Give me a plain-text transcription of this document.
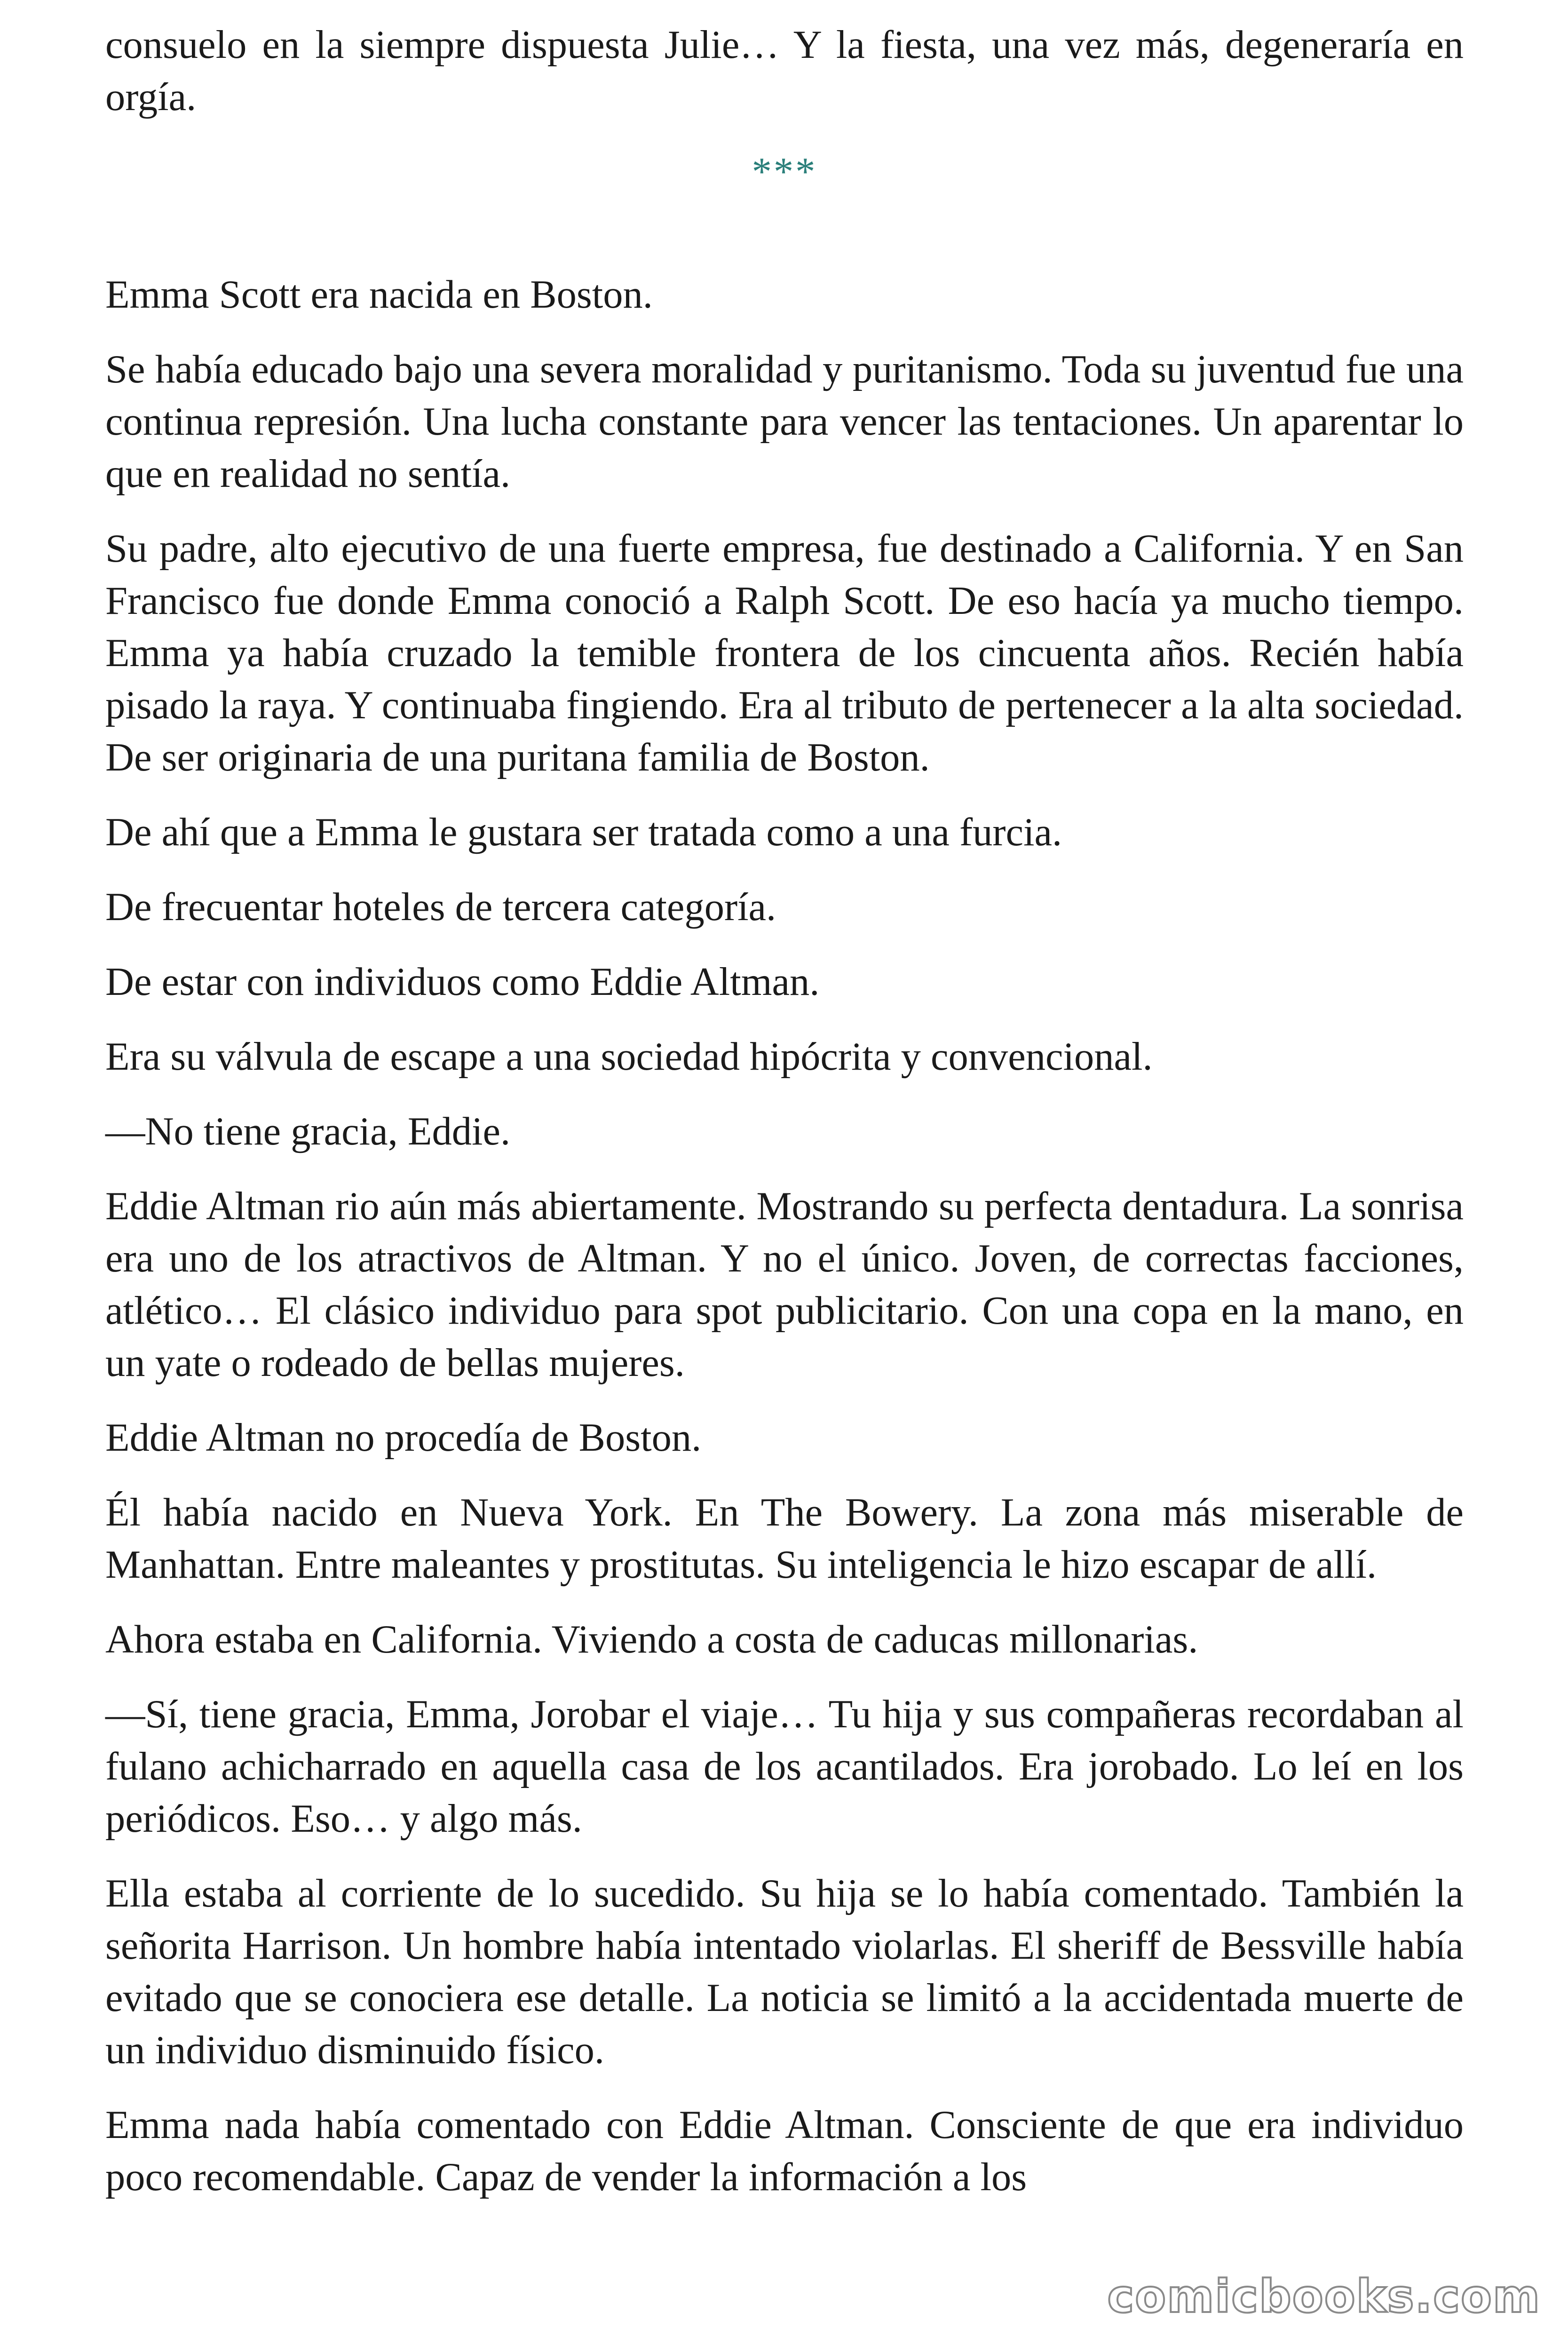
consuelo en la siempre dispuesta Julie… Y la fiesta, una vez más, degeneraría en orgía.

***

Emma Scott era nacida en Boston.

Se había educado bajo una severa moralidad y puritanismo. Toda su juventud fue una continua represión. Una lucha constante para vencer las tentaciones. Un aparentar lo que en realidad no sentía.

Su padre, alto ejecutivo de una fuerte empresa, fue destinado a California. Y en San Francisco fue donde Emma conoció a Ralph Scott. De eso hacía ya mucho tiempo. Emma ya había cruzado la temible frontera de los cincuenta años. Recién había pisado la raya. Y continuaba fingiendo. Era al tributo de pertenecer a la alta sociedad. De ser originaria de una puritana familia de Boston.

De ahí que a Emma le gustara ser tratada como a una furcia.

De frecuentar hoteles de tercera categoría.

De estar con individuos como Eddie Altman.

Era su válvula de escape a una sociedad hipócrita y convencional.

—No tiene gracia, Eddie.

Eddie Altman rio aún más abiertamente. Mostrando su perfecta dentadura. La sonrisa era uno de los atractivos de Altman. Y no el único. Joven, de correctas facciones, atlético… El clásico individuo para spot publicitario. Con una copa en la mano, en un yate o rodeado de bellas mujeres.

Eddie Altman no procedía de Boston.

Él había nacido en Nueva York. En The Bowery. La zona más miserable de Manhattan. Entre maleantes y prostitutas. Su inteligencia le hizo escapar de allí.

Ahora estaba en California. Viviendo a costa de caducas millonarias.

—Sí, tiene gracia, Emma, Jorobar el viaje… Tu hija y sus compañeras recordaban al fulano achicharrado en aquella casa de los acantilados. Era jorobado. Lo leí en los periódicos. Eso… y algo más.

Ella estaba al corriente de lo sucedido. Su hija se lo había comentado. También la señorita Harrison. Un hombre había intentado violarlas. El sheriff de Bessville había evitado que se conociera ese detalle. La noticia se limitó a la accidentada muerte de un individuo disminuido físico.

Emma nada había comentado con Eddie Altman. Consciente de que era individuo poco recomendable. Capaz de vender la información a los

comicbooks.com
